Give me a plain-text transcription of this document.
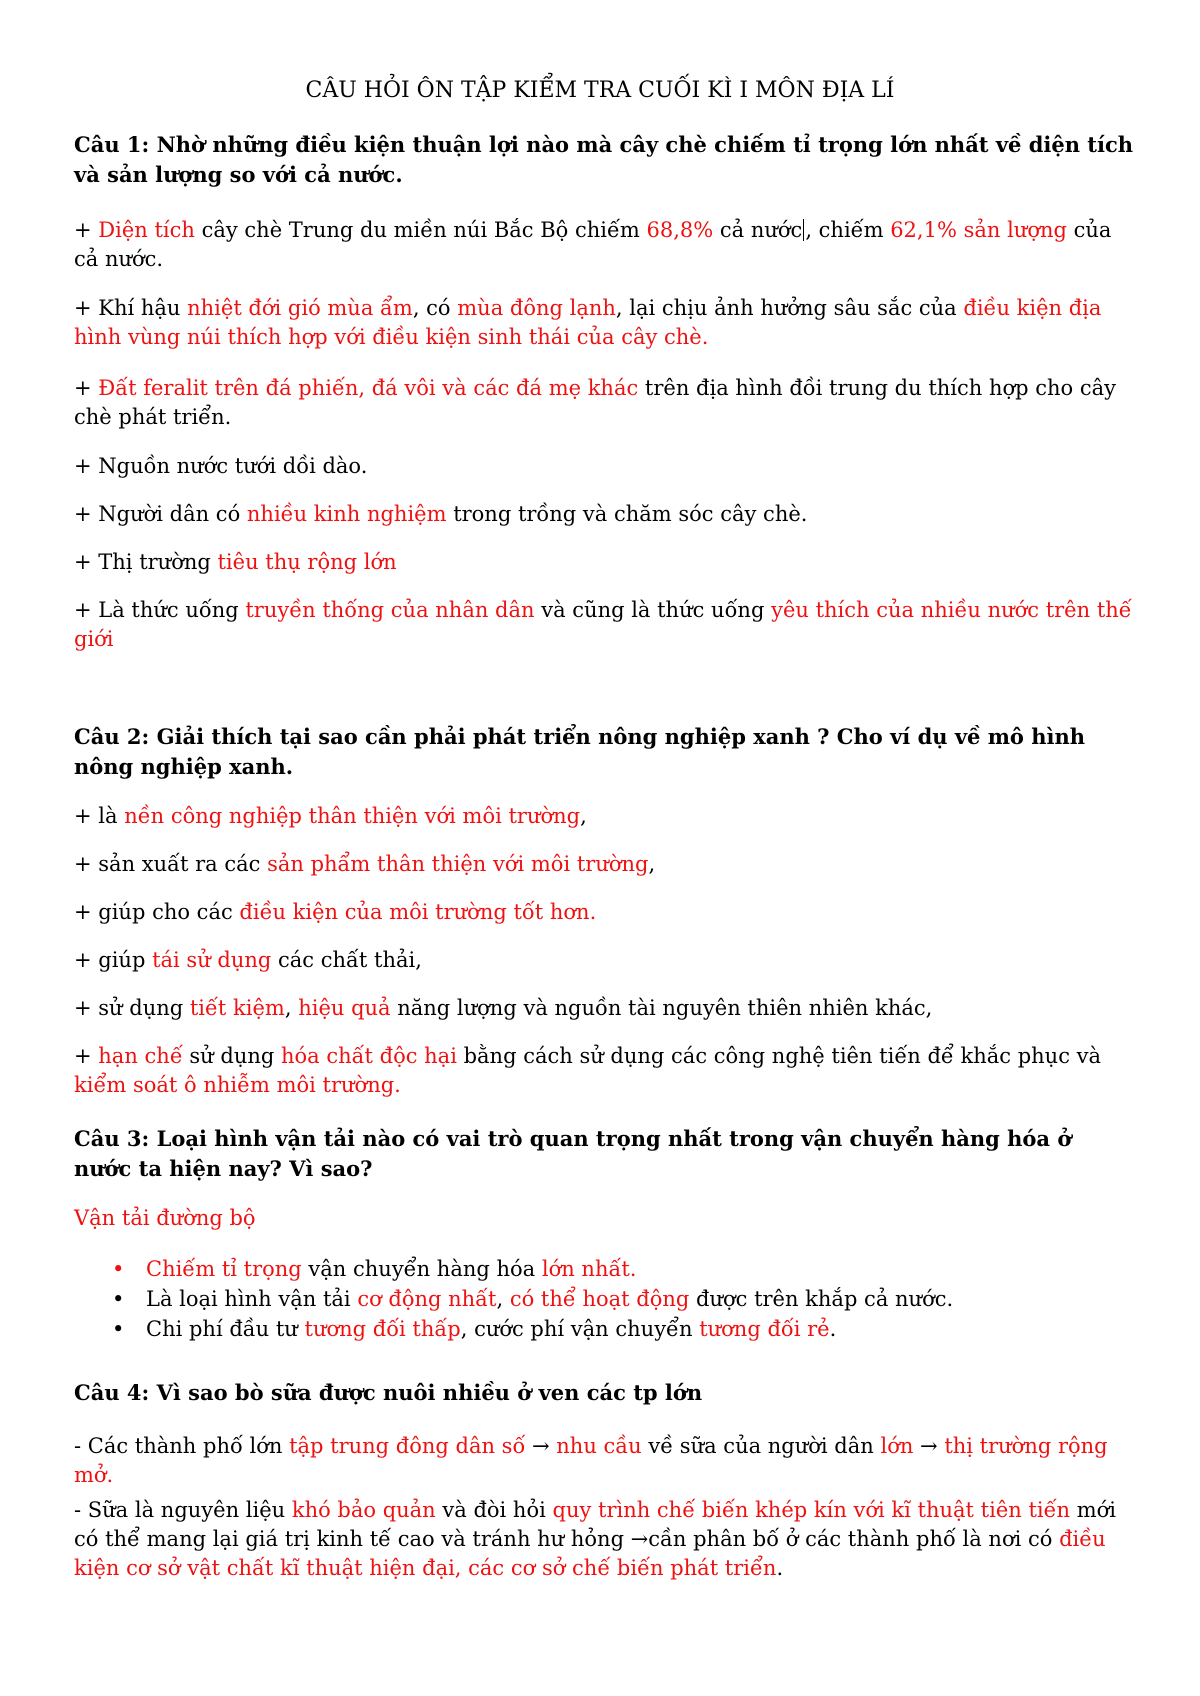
CÂU HỎI ÔN TẬP KIỂM TRA CUỐI KÌ I MÔN ĐỊA LÍ
Câu 1: Nhờ những điều kiện thuận lợi nào mà cây chè chiếm tỉ trọng lớn nhất về diện tích và sản lượng so với cả nước.
+ Diện tích cây chè Trung du miền núi Bắc Bộ chiếm 68,8% cả nước , chiếm 62,1% sản lượng của cả nước.
+ Khí hậu nhiệt đới gió mùa ẩm, có mùa đông lạnh, lại chịu ảnh hưởng sâu sắc của điều kiện địa hình vùng núi thích hợp với điều kiện sinh thái của cây chè.
+ Đất feralit trên đá phiến, đá vôi và các đá mẹ khác trên địa hình đồi trung du thích hợp cho cây chè phát triển.
+ Nguồn nước tưới dồi dào.
+ Người dân có nhiều kinh nghiệm trong trồng và chăm sóc cây chè.
+ Thị trường tiêu thụ rộng lớn
+ Là thức uống truyền thống của nhân dân và cũng là thức uống yêu thích của nhiều nước trên thế giới
Câu 2: Giải thích tại sao cần phải phát triển nông nghiệp xanh ? Cho ví dụ về mô hình nông nghiệp xanh.
+ là nền công nghiệp thân thiện với môi trường,
+ sản xuất ra các sản phẩm thân thiện với môi trường,
+ giúp cho các điều kiện của môi trường tốt hơn.
+ giúp tái sử dụng các chất thải,
+ sử dụng tiết kiệm, hiệu quả năng lượng và nguồn tài nguyên thiên nhiên khác,
+ hạn chế sử dụng hóa chất độc hại bằng cách sử dụng các công nghệ tiên tiến để khắc phục và kiểm soát ô nhiễm môi trường.
Câu 3: Loại hình vận tải nào có vai trò quan trọng nhất trong vận chuyển hàng hóa ở nước ta hiện nay? Vì sao?
Vận tải đường bộ
• Chiếm tỉ trọng vận chuyển hàng hóa lớn nhất.
• Là loại hình vận tải cơ động nhất, có thể hoạt động được trên khắp cả nước.
• Chi phí đầu tư tương đối thấp, cước phí vận chuyển tương đối rẻ.
Câu 4: Vì sao bò sữa được nuôi nhiều ở ven các tp lớn
- Các thành phố lớn tập trung đông dân số → nhu cầu về sữa của người dân lớn → thị trường rộng mở.
- Sữa là nguyên liệu khó bảo quản và đòi hỏi quy trình chế biến khép kín với kĩ thuật tiên tiến mới có thể mang lại giá trị kinh tế cao và tránh hư hỏng →cần phân bố ở các thành phố là nơi có điều kiện cơ sở vật chất kĩ thuật hiện đại, các cơ sở chế biến phát triển.
